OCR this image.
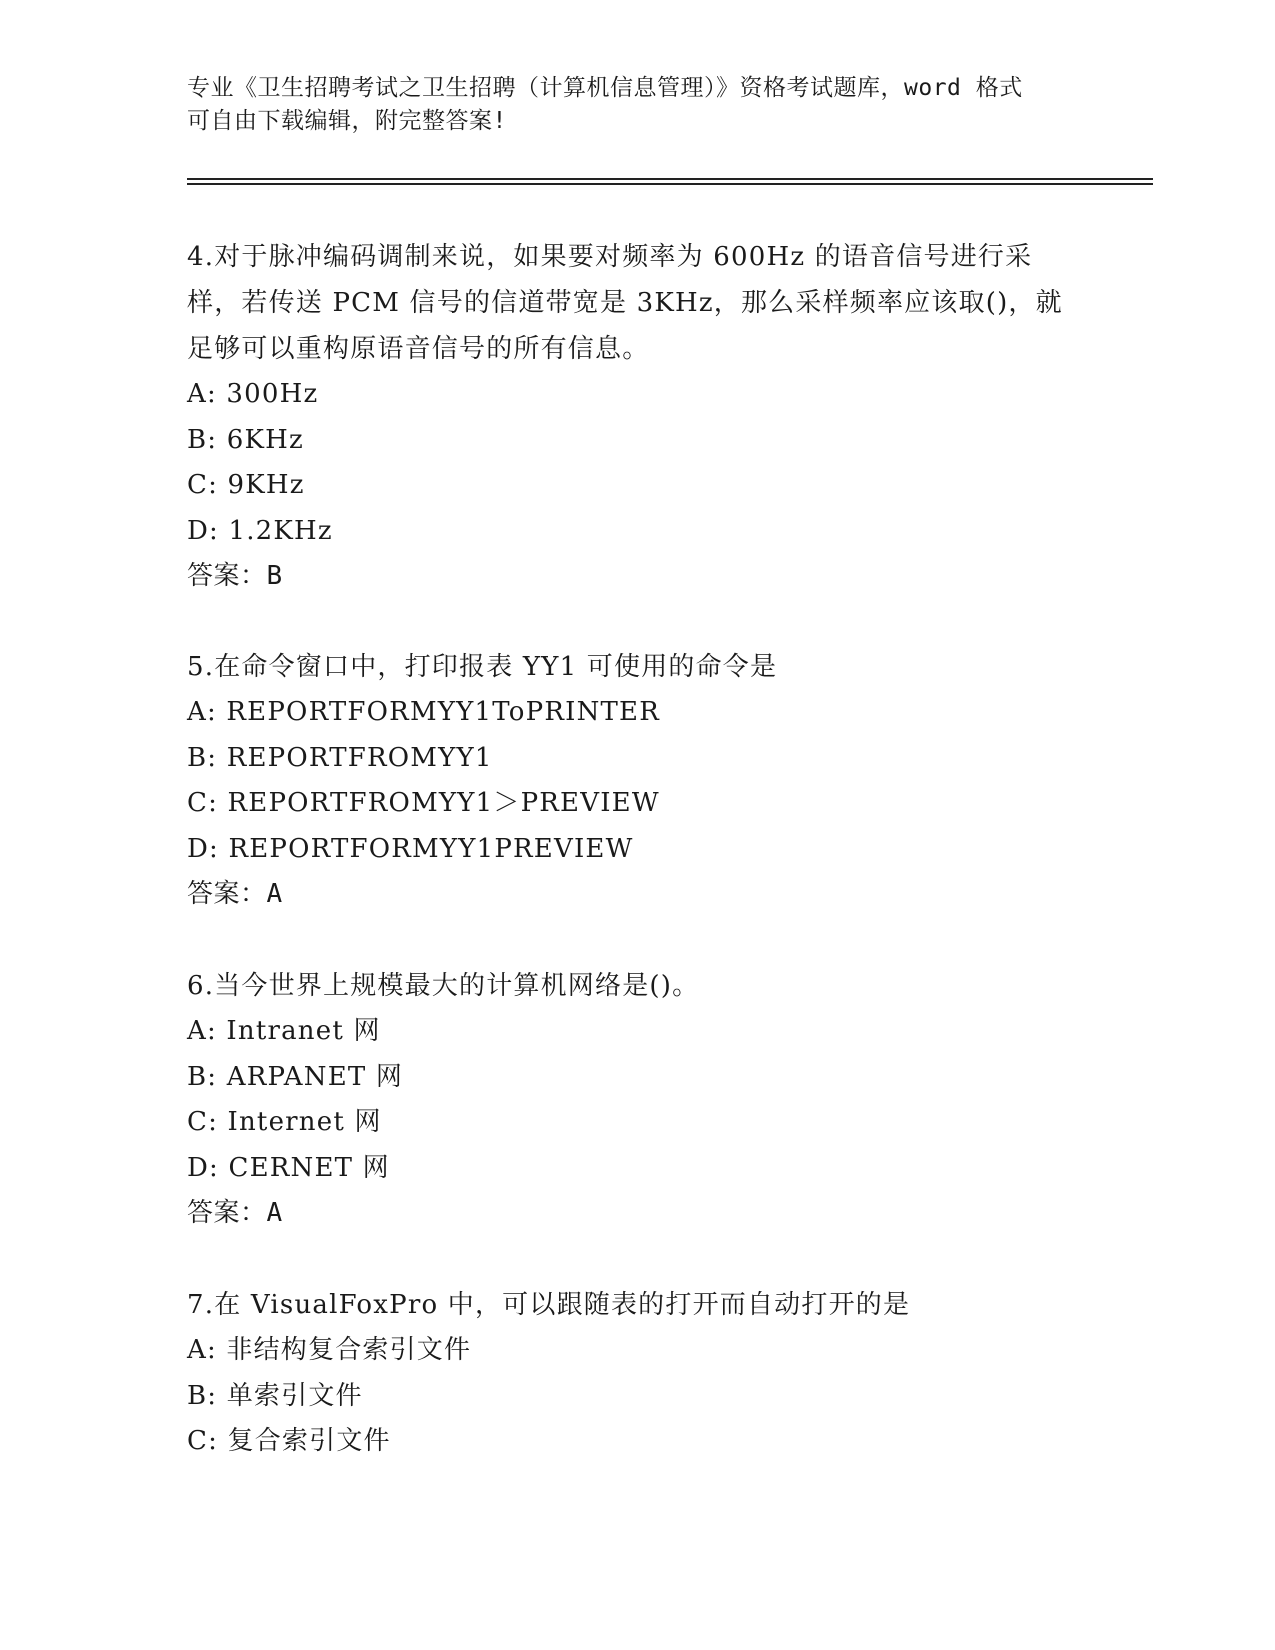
专业《卫生招聘考试之卫生招聘（计算机信息管理）》资格考试题库，word 格式
可自由下载编辑，附完整答案!
4.对于脉冲编码调制来说，如果要对频率为 600Hz 的语音信号进行采
样，若传送 PCM 信号的信道带宽是 3KHz，那么采样频率应该取()，就
足够可以重构原语音信号的所有信息。
A: 300Hz
B: 6KHz
C: 9KHz
D: 1.2KHz
答案：B
5.在命令窗口中，打印报表 YY1 可使用的命令是
A: REPORTFORMYY1ToPRINTER
B: REPORTFROMYY1
C: REPORTFROMYY1＞PREVIEW
D: REPORTFORMYY1PREVIEW
答案：A
6.当今世界上规模最大的计算机网络是()。
A: Intranet 网
B: ARPANET 网
C: Internet 网
D: CERNET 网
答案：A
7.在 VisualFoxPro 中，可以跟随表的打开而自动打开的是
A: 非结构复合索引文件
B: 单索引文件
C: 复合索引文件
